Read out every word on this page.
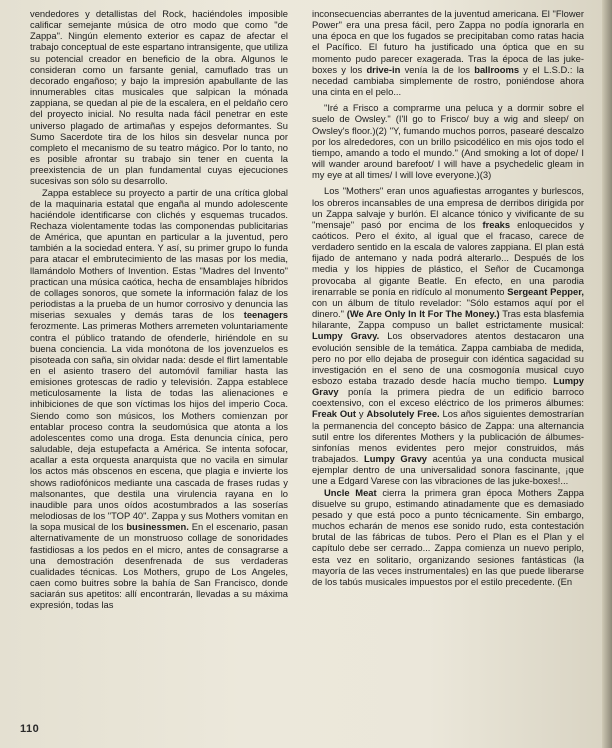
vendedores y detallistas del Rock, haciéndoles imposible calificar semejante música de otro modo que como "de Zappa". Ningún elemento exterior es capaz de afectar el trabajo conceptual de este espartano intransigente, que utiliza su potencial creador en beneficio de la obra. Algunos le consideran como un farsante genial, camuflado tras un decorado engañoso; y bajo la impresión apabullante de las innumerables citas musicales que salpican la mónada zappiana, se quedan al pie de la escalera, en el peldaño cero del proyecto inicial. No resulta nada fácil penetrar en este universo plagado de artimañas y espejos deformantes. Su Sumo Sacerdote tira de los hilos sin desvelar nunca por completo el mecanismo de su teatro mágico. Por lo tanto, no es posible afrontar su trabajo sin tener en cuenta la preexistencia de un plan fundamental cuyas ejecuciones sucesivas son sólo su desarrollo.

Zappa establece su proyecto a partir de una crítica global de la maquinaria estatal que engaña al mundo adolescente haciéndole identificarse con clichés y esquemas trucados. Rechaza violentamente todas las componendas publicitarias de América, que apuntan en particular a la juventud, pero también a la sociedad entera. Y así, su primer grupo lo funda para atacar el embrutecimiento de las masas por los media, llamándolo Mothers of Invention. Estas "Madres del Invento" practican una música caótica, hecha de ensamblajes híbridos de collages sonoros, que somete la información falaz de los periodistas a la prueba de un humor corrosivo y denuncia las miserias sexuales y demás taras de los teenagers ferozmente. Las primeras Mothers arremeten voluntariamente contra el público tratando de ofenderle, hiriéndole en su buena conciencia. La vida monótona de los jovenzuelos es pisoteada con saña, sin olvidar nada: desde el flirt lamentable en el asiento trasero del automóvil familiar hasta las emisiones grotescas de radio y televisión. Zappa establece meticulosamente la lista de todas las alienaciones e inhibiciones de que son víctimas los hijos del imperio Coca. Siendo como son músicos, los Mothers comienzan por entablar proceso contra la seudomúsica que atonta a los adolescentes como una droga. Esta denuncia cínica, pero saludable, deja estupefacta a América. Se intenta sofocar, acallar a esta orquesta anarquista que no vacila en simular los actos más obscenos en escena, que plagia e invierte los shows radiofónicos mediante una cascada de frases rudas y malsonantes, que destila una virulencia rayana en lo inaudible para unos oídos acostumbrados a las soserías melodiosas de los "TOP 40". Zappa y sus Mothers vomitan en la sopa musical de los businessmen. En el escenario, pasan alternativamente de un monstruoso collage de sonoridades fastidiosas a los pedos en el micro, antes de consagrarse a una demostración desenfrenada de sus verdaderas cualidades técnicas. Los Mothers, grupo de Los Angeles, caen como buitres sobre la bahía de San Francisco, donde saciarán sus apetitos: allí encontrarán, llevadas a su máxima expresión, todas las

inconsecuencias aberrantes de la juventud americana. El "Flower Power" era una presa fácil, pero Zappa no podía ignorarla en una época en que los fugados se precipitaban como ratas hacia el Pacífico. El futuro ha justificado una óptica que en su momento pudo parecer exagerada. Tras la época de las juke-boxes y los drive-in venía la de los ballrooms y el L.S.D.: la necedad cambiaba simplemente de rostro, poniéndose ahora una cinta en el pelo...

"Iré a Frisco a comprarme una peluca y a dormir sobre el suelo de Owsley." (I'll go to Frisco/ buy a wig and sleep/ on Owsley's floor.)(2) "Y, fumando muchos porros, pasearé descalzo por los alrededores, con un brillo psicodélico en mis ojos todo el tiempo, amando a todo el mundo." (And smoking a lot of dope/ I will wander around barefoot/ I will have a psychedelic gleam in my eye at all times/ I will love everyone.)(3)

Los "Mothers" eran unos aguafiestas arrogantes y burlescos, los obreros incansables de una empresa de derribos dirigida por un Zappa salvaje y burlón. El alcance tónico y vivificante de su "mensaje" pasó por encima de los freaks enloquecidos y caóticos. Pero el éxito, al igual que el fracaso, carece de verdadero sentido en la escala de valores zappiana. El plan está fijado de antemano y nada podrá alterarlo... Después de los media y los hippies de plástico, el Señor de Cucamonga provocaba al gigante Beatle. En efecto, en una parodia irenarrable se ponía en ridículo al monumento Sergeant Pepper, con un álbum de título revelador: "Sólo estamos aquí por el dinero." (We Are Only In It For The Money.) Tras esta blasfemia hilarante, Zappa compuso un ballet estrictamente musical: Lumpy Gravy. Los observadores atentos destacaron una evolución sensible de la temática. Zappa cambiaba de medida, pero no por ello dejaba de proseguir con idéntica sagacidad su investigación en el seno de una cosmogonía musical cuyo esbozo estaba trazado desde hacía mucho tiempo. Lumpy Gravy ponía la primera piedra de un edificio barroco coextensivo, con el exceso eléctrico de los primeros álbumes: Freak Out y Absolutely Free. Los años siguientes demostrarían la permanencia del concepto básico de Zappa: una alternancia sutil entre los diferentes Mothers y la publicación de álbumes-sinfonías menos evidentes pero mejor construidos, más trabajados. Lumpy Gravy acentúa ya una conducta musical ejemplar dentro de una universalidad sonora fascinante, ¡que une a Edgard Varese con las vibraciones de las juke-boxes!...

Uncle Meat cierra la primera gran época Mothers Zappa disuelve su grupo, estimando atinadamente que es demasiado pesado y que está poco a punto técnicamente. Sin embargo, muchos echarán de menos ese sonido rudo, esta contestación brutal de las fábricas de tubos. Pero el Plan es el Plan y el capítulo debe ser cerrado... Zappa comienza un nuevo periplo, esta vez en solitario, organizando sesiones fantásticas (la mayoría de las veces instrumentales) en las que puede liberarse de los tabús musicales impuestos por el estilo precedente. (En

110
